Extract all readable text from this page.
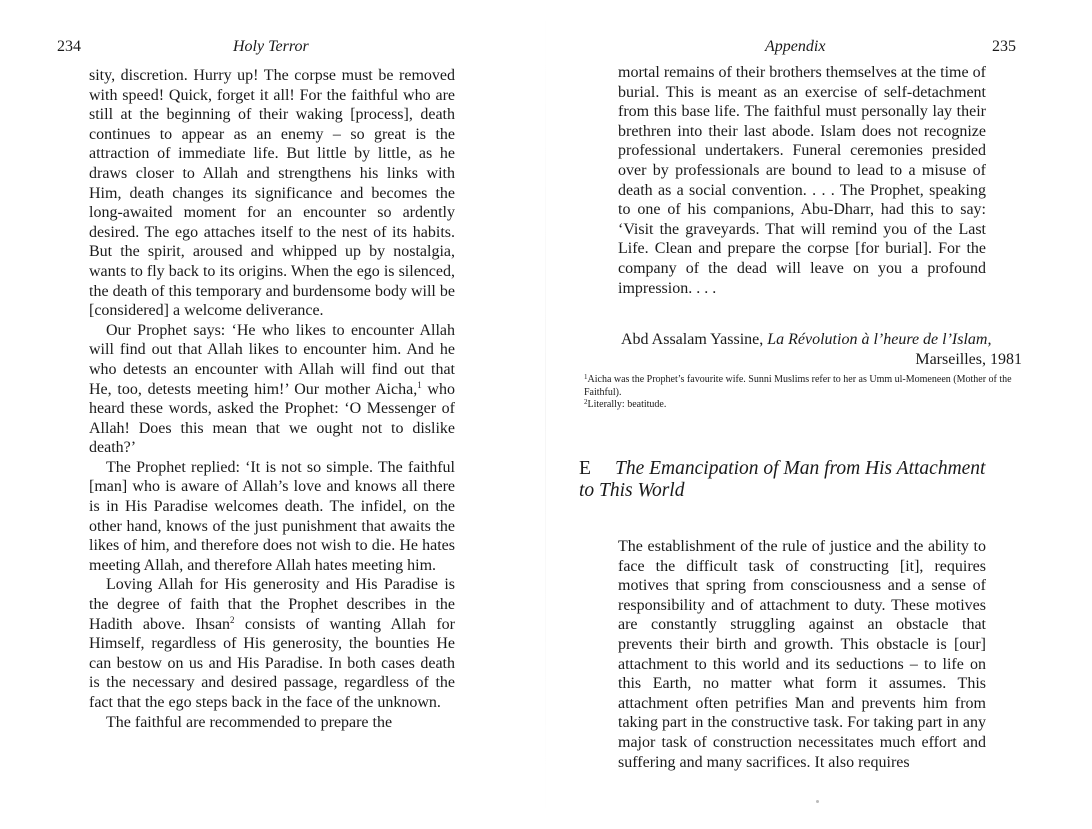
234	Holy Terror

sity, discretion. Hurry up! The corpse must be removed with speed! Quick, forget it all! For the faithful who are still at the beginning of their waking [process], death continues to appear as an enemy – so great is the attraction of immediate life. But little by little, as he draws closer to Allah and strengthens his links with Him, death changes its significance and becomes the long-awaited moment for an encounter so ardently desired. The ego attaches itself to the nest of its habits. But the spirit, aroused and whipped up by nostalgia, wants to fly back to its origins. When the ego is silenced, the death of this temporary and burdensome body will be [considered] a welcome deliverance.

Our Prophet says: ‘He who likes to encounter Allah will find out that Allah likes to encounter him. And he who detests an encounter with Allah will find out that He, too, detests meeting him!’ Our mother Aicha,$^1$ who heard these words, asked the Prophet: ‘O Messenger of Allah! Does this mean that we ought not to dislike death?’

The Prophet replied: ‘It is not so simple. The faithful [man] who is aware of Allah’s love and knows all there is in His Paradise welcomes death. The infidel, on the other hand, knows of the just punishment that awaits the likes of him, and therefore does not wish to die. He hates meeting Allah, and therefore Allah hates meeting him.

Loving Allah for His generosity and His Paradise is the degree of faith that the Prophet describes in the Hadith above. Ihsan$^2$ consists of wanting Allah for Himself, regardless of His generosity, the bounties He can bestow on us and His Paradise. In both cases death is the necessary and desired passage, regardless of the fact that the ego steps back in the face of the unknown.

The faithful are recommended to prepare the

Appendix	235

mortal remains of their brothers themselves at the time of burial. This is meant as an exercise of self-detachment from this base life. The faithful must personally lay their brethren into their last abode. Islam does not recognize professional undertakers. Funeral ceremonies presided over by professionals are bound to lead to a misuse of death as a social convention. . . . The Prophet, speaking to one of his companions, Abu-Dharr, had this to say: ‘Visit the graveyards. That will remind you of the Last Life. Clean and prepare the corpse [for burial]. For the company of the dead will leave on you a profound impression. . . .

Abd Assalam Yassine, La Révolution à l’heure de l’Islam,
Marseilles, 1981

$^1$Aicha was the Prophet’s favourite wife. Sunni Muslims refer to her as Umm ul-Momeneen (Mother of the Faithful).

$^2$Literally: beatitude.

E The Emancipation of Man from His Attachment to This World

The establishment of the rule of justice and the ability to face the difficult task of constructing [it], requires motives that spring from consciousness and a sense of responsibility and of attachment to duty. These motives are constantly struggling against an obstacle that prevents their birth and growth. This obstacle is [our] attachment to this world and its seductions – to life on this Earth, no matter what form it assumes. This attachment often petrifies Man and prevents him from taking part in the constructive task. For taking part in any major task of construction necessitates much effort and suffering and many sacrifices. It also requires
